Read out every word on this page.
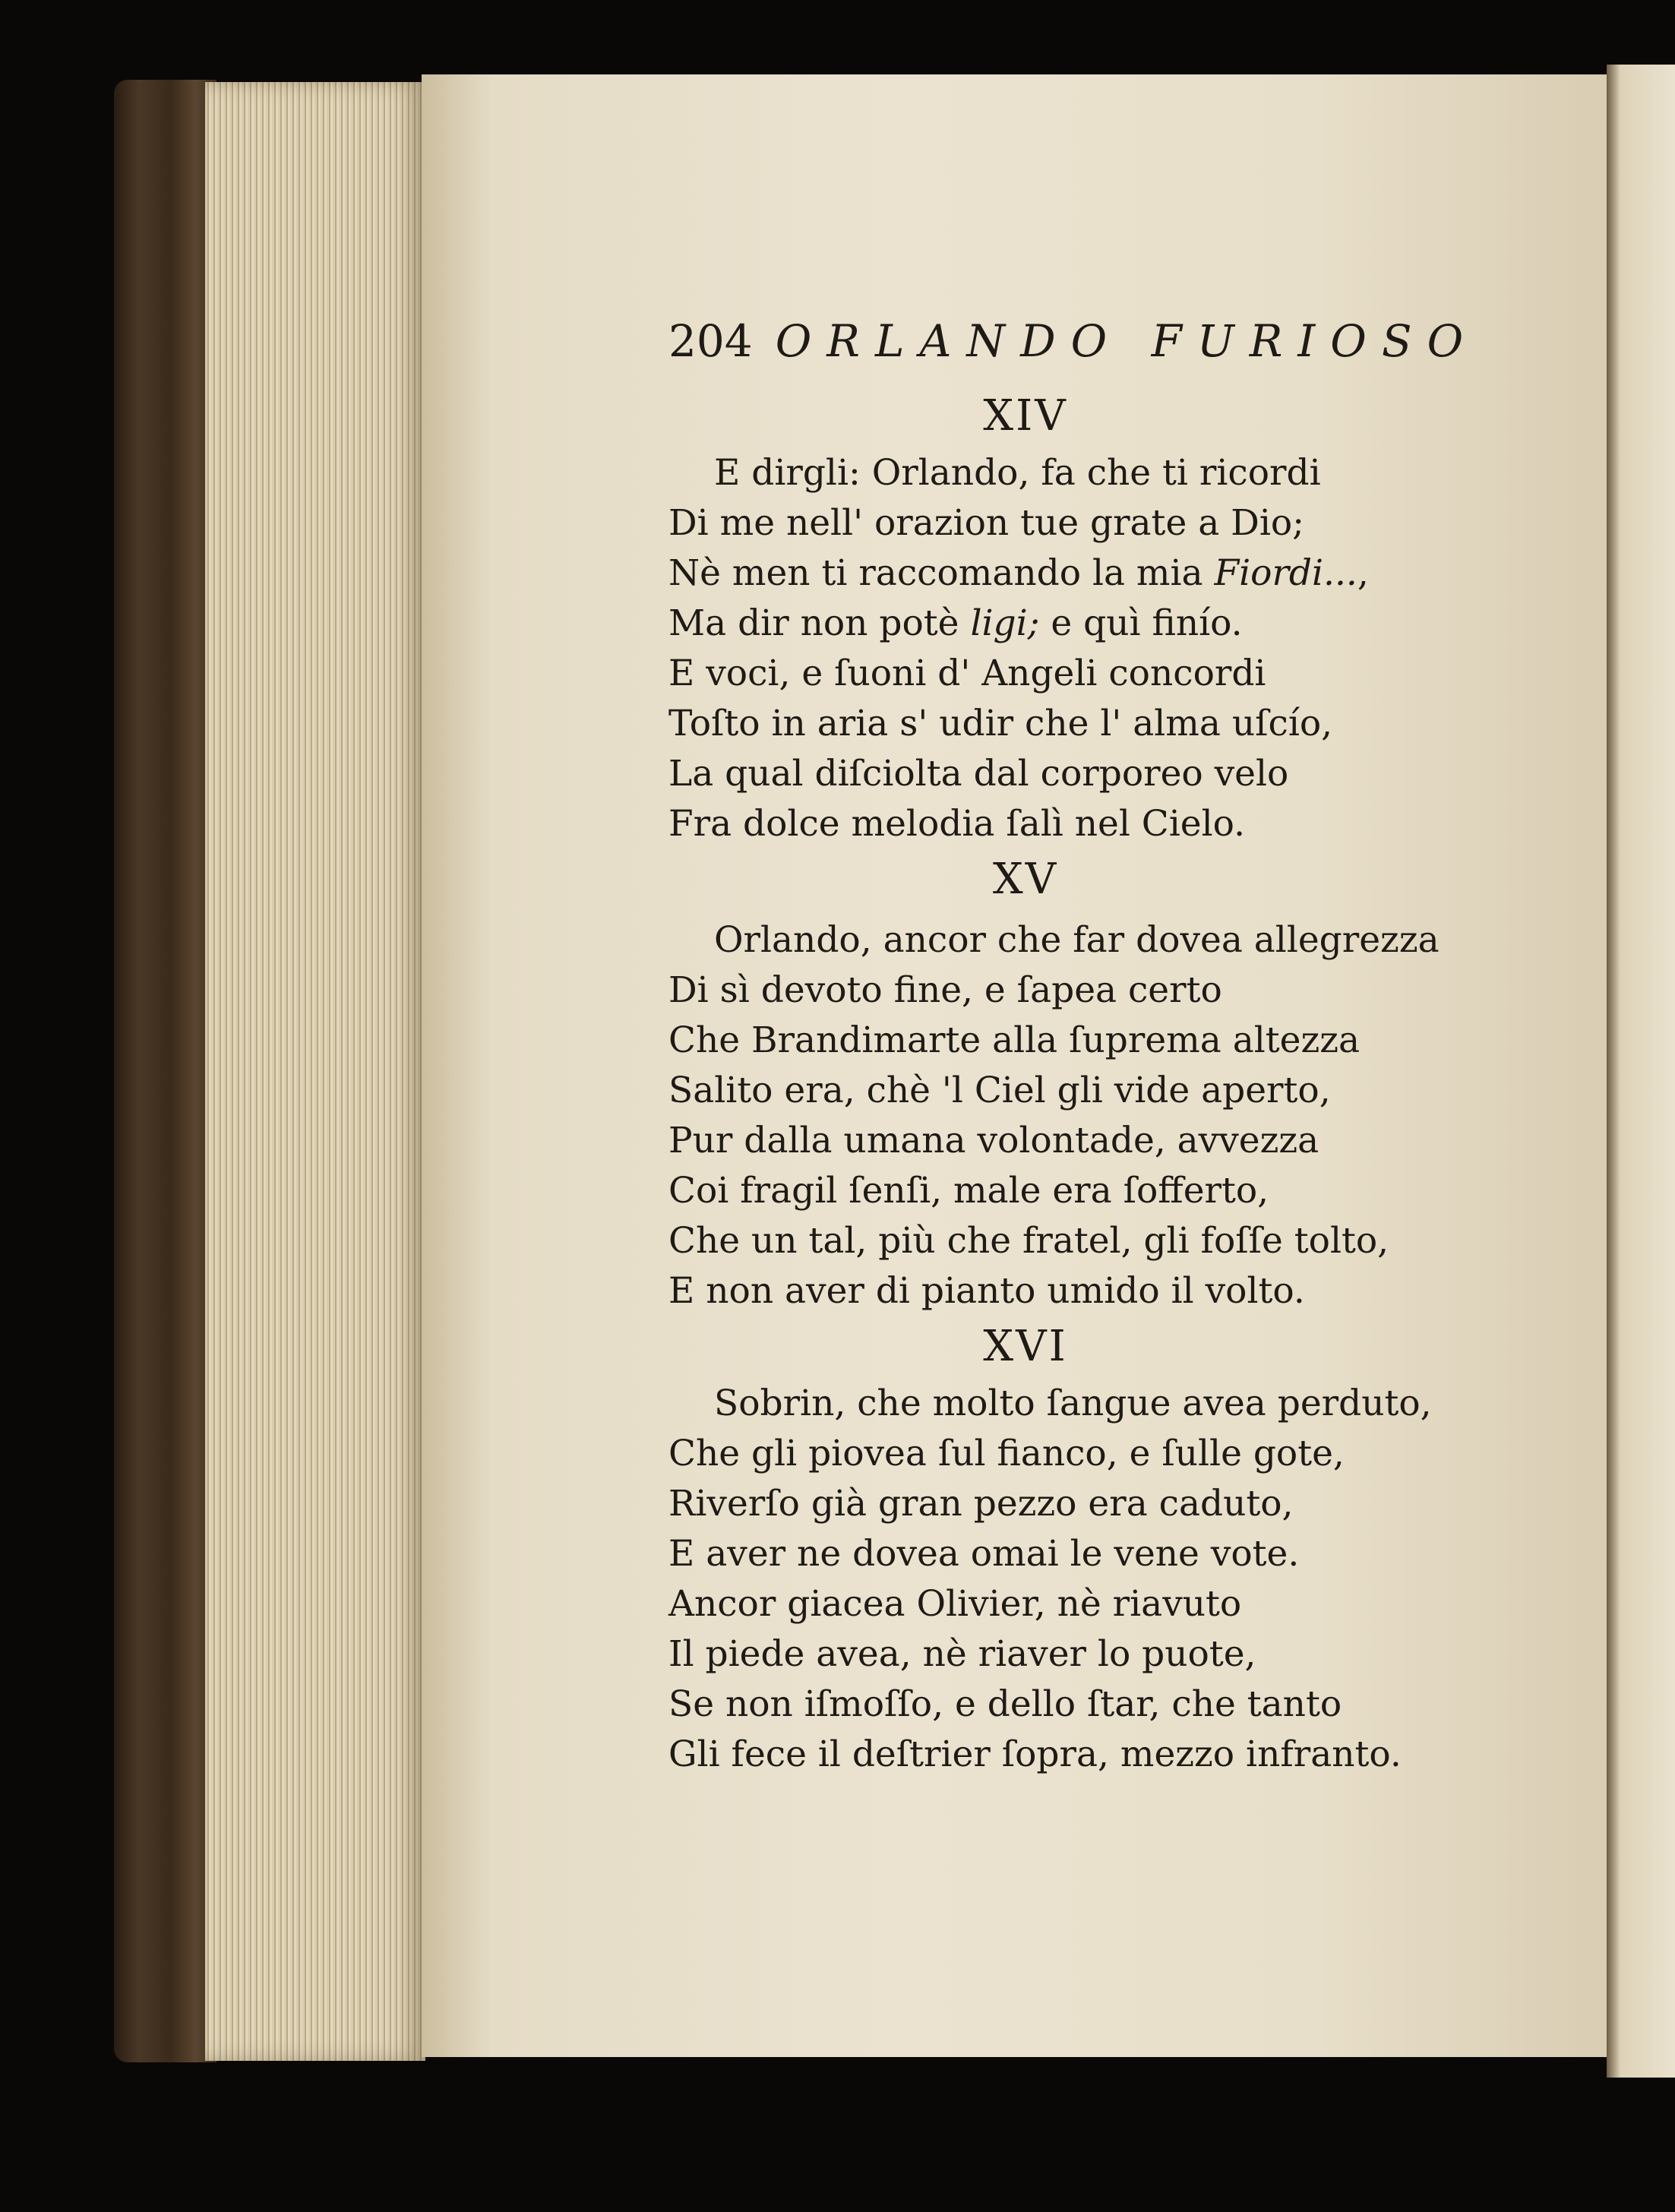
204 ORLANDO FURIOSO
XIV
E dirgli: Orlando, fa che ti ricordi
Di me nell' orazion tue grate a Dio;
Nè men ti raccomando la mia Fiordi...,
Ma dir non potè ligi; e quì finío.
E voci, e ſuoni d' Angeli concordi
Toſto in aria s' udir che l' alma uſcío,
La qual diſciolta dal corporeo velo
Fra dolce melodia ſalì nel Cielo.
XV
Orlando, ancor che far dovea allegrezza
Di sì devoto fine, e ſapea certo
Che Brandimarte alla ſuprema altezza
Salito era, chè 'l Ciel gli vide aperto,
Pur dalla umana volontade, avvezza
Coi fragil ſenſi, male era ſofferto,
Che un tal, più che fratel, gli foſſe tolto,
E non aver di pianto umido il volto.
XVI
Sobrin, che molto ſangue avea perduto,
Che gli piovea ſul fianco, e ſulle gote,
Riverſo già gran pezzo era caduto,
E aver ne dovea omai le vene vote.
Ancor giacea Olivier, nè riavuto
Il piede avea, nè riaver lo puote,
Se non iſmoſſo, e dello ſtar, che tanto
Gli fece il deſtrier ſopra, mezzo infranto.
